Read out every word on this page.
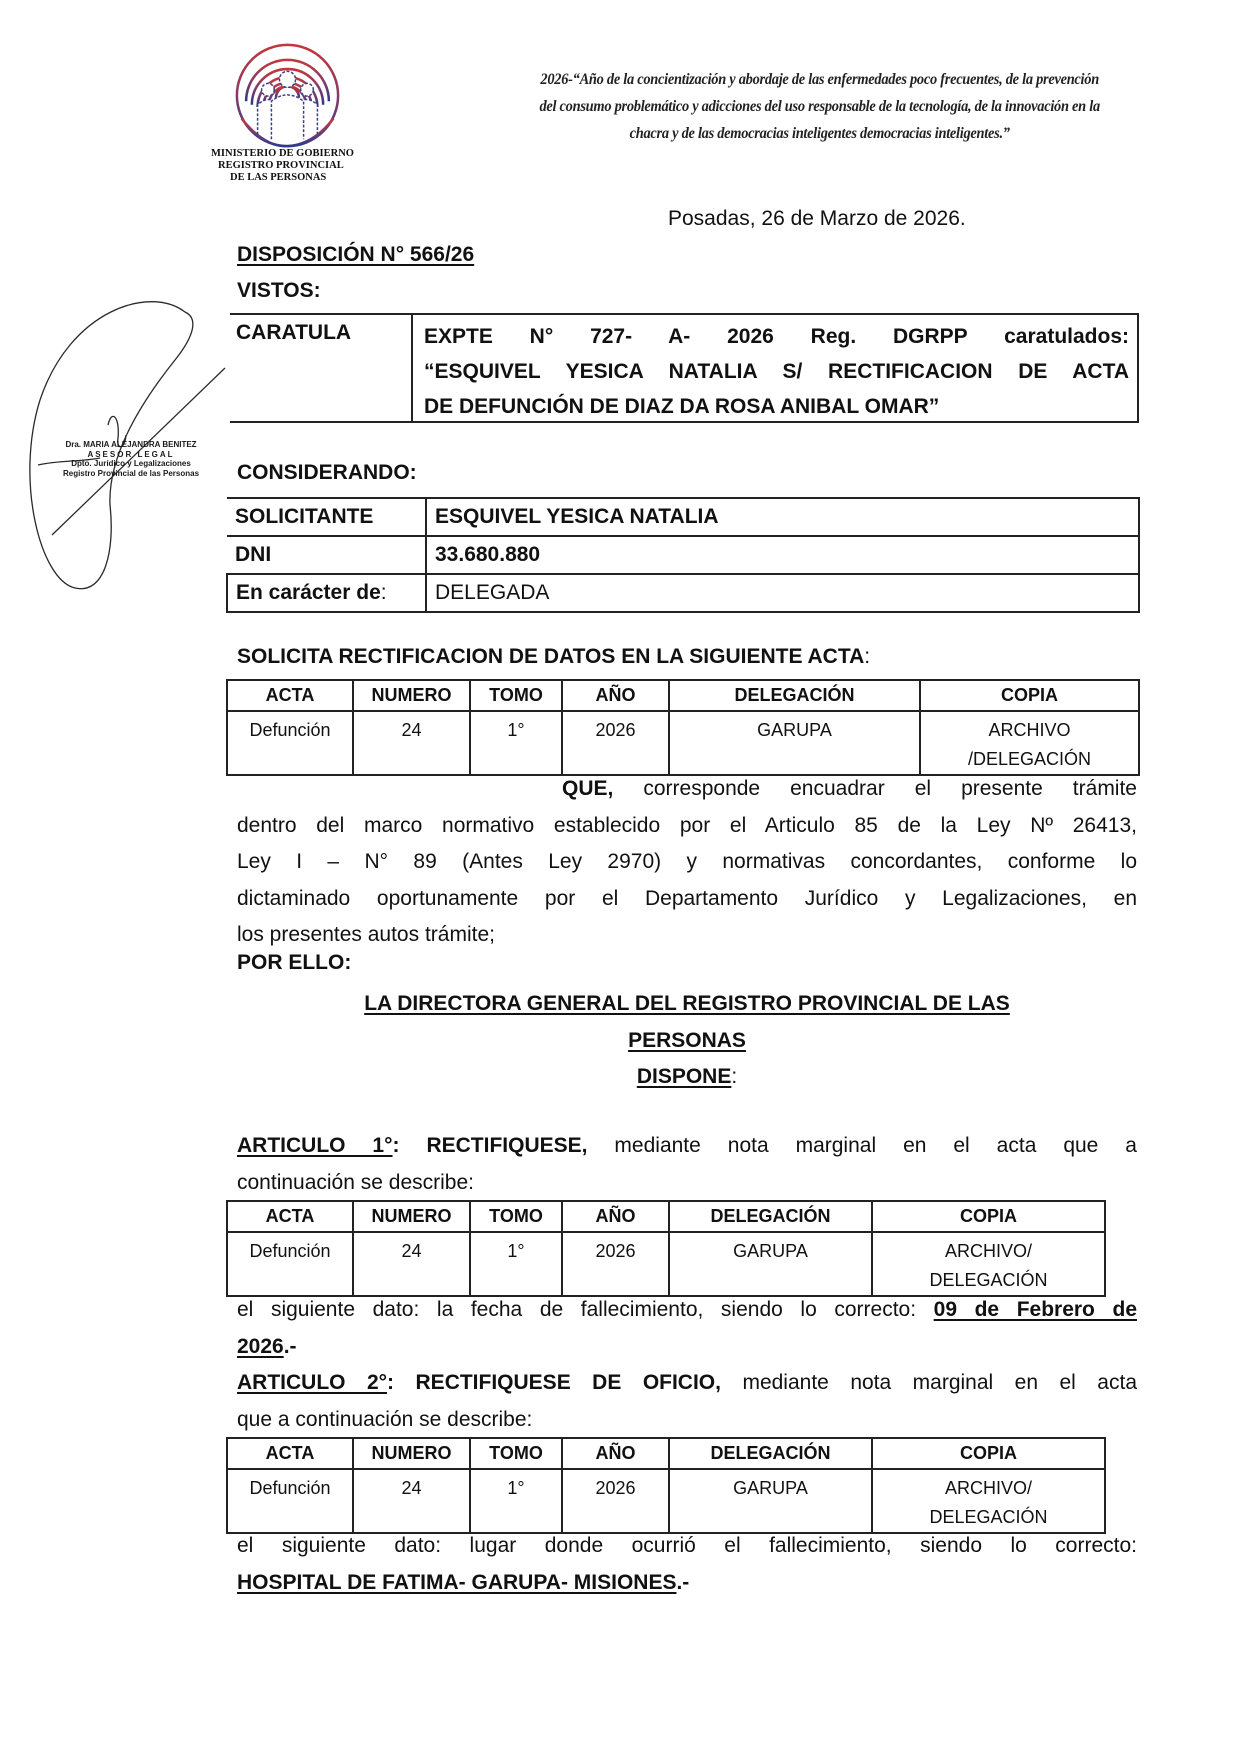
MINISTERIO DE GOBIERNO
REGISTRO PROVINCIAL
DE LAS PERSONAS
2026-“Año de la concientización y abordaje de las enfermedades poco frecuentes, de la prevención
del consumo problemático y adicciones del uso responsable de la tecnología, de la innovación en la
chacra y de las democracias inteligentes democracias inteligentes.”
Dra. MARIA ALEJANDRA BENITEZ
ASESOR LEGAL
Dpto. Jurídico y Legalizaciones
Registro Provincial de las Personas
Posadas, 26 de Marzo de 2026.
DISPOSICIÓN N° 566/26
VISTOS:
CARATULA	EXPTE N° 727- A- 2026 Reg. DGRPP caratulados:
“ESQUIVEL YESICA NATALIA S/ RECTIFICACION DE ACTA
DE DEFUNCIÓN DE DIAZ DA ROSA ANIBAL OMAR”
CONSIDERANDO:
SOLICITANTE	ESQUIVEL YESICA NATALIA
DNI	33.680.880
En carácter de:	DELEGADA
SOLICITA RECTIFICACION DE DATOS EN LA SIGUIENTE ACTA:
ACTA	NUMERO	TOMO	AÑO	DELEGACIÓN	COPIA
Defunción	24	1°	2026	GARUPA	ARCHIVO
/DELEGACIÓN
QUE, corresponde encuadrar el presente trámite
dentro del marco normativo establecido por el Articulo 85 de la Ley Nº 26413,
Ley I – N° 89 (Antes Ley 2970) y normativas concordantes, conforme lo
dictaminado oportunamente por el Departamento Jurídico y Legalizaciones, en
los presentes autos trámite;
POR ELLO:
LA DIRECTORA GENERAL DEL REGISTRO PROVINCIAL DE LAS
PERSONAS
DISPONE:
ARTICULO 1°: RECTIFIQUESE, mediante nota marginal en el acta que a
continuación se describe:
ACTA	NUMERO	TOMO	AÑO	DELEGACIÓN	COPIA
Defunción	24	1°	2026	GARUPA	ARCHIVO/
DELEGACIÓN
el siguiente dato: la fecha de fallecimiento, siendo lo correcto: 09 de Febrero de
2026.-
ARTICULO 2°: RECTIFIQUESE DE OFICIO, mediante nota marginal en el acta
que a continuación se describe:
ACTA	NUMERO	TOMO	AÑO	DELEGACIÓN	COPIA
Defunción	24	1°	2026	GARUPA	ARCHIVO/
DELEGACIÓN
el siguiente dato: lugar donde ocurrió el fallecimiento, siendo lo correcto:
HOSPITAL DE FATIMA- GARUPA- MISIONES.-
